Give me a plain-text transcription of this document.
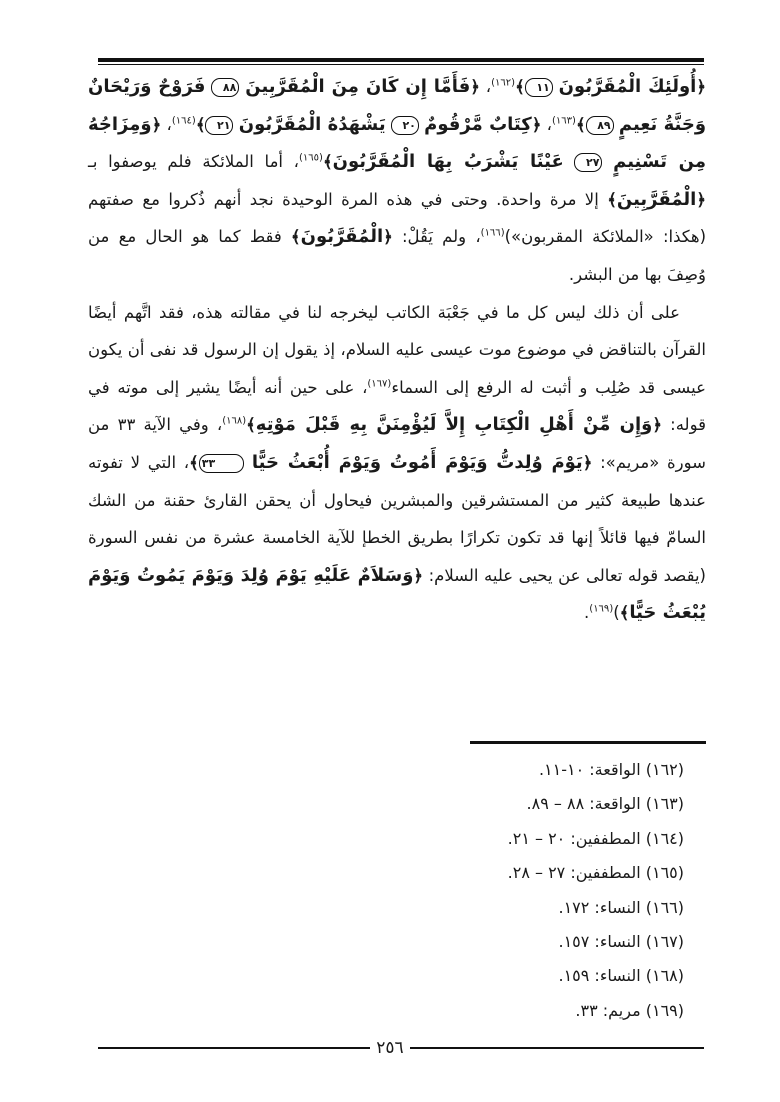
﴿أُولَئِكَ الْمُقَرَّبُونَ ١١﴾$^{(١٦٢)}$، ﴿فَأَمَّا إِن كَانَ مِنَ الْمُقَرَّبِينَ ٨٨ فَرَوْحٌ وَرَيْحَانٌ وَجَنَّةُ نَعِيمٍ ٨٩﴾$^{(١٦٣)}$، ﴿كِتَابٌ مَّرْقُومٌ ٢٠ يَشْهَدُهُ الْمُقَرَّبُونَ ٢١﴾$^{(١٦٤)}$، ﴿وَمِزَاجُهُ مِن تَسْنِيمٍ ٢٧ عَيْنًا يَشْرَبُ بِهَا الْمُقَرَّبُونَ﴾$^{(١٦٥)}$، أما الملائكة فلم يوصفوا بـ ﴿الْمُقَرَّبِينَ﴾ إلا مرة واحدة. وحتى في هذه المرة الوحيدة نجد أنهم ذُكروا مع صفتهم (هكذا: «الملائكة المقربون»)$^{(١٦٦)}$، ولم يَقُلْ: ﴿الْمُقَرَّبُونَ﴾ فقط كما هو الحال مع من وُصِفَ بها من البشر.

على أن ذلك ليس كل ما في جَعْبَة الكاتب ليخرجه لنا في مقالته هذه، فقد اتَّهم أيضًا القرآن بالتناقض في موضوع موت عيسى عليه السلام، إذ يقول إن الرسول قد نفى أن يكون عيسى قد صُلِب و أثبت له الرفع إلى السماء$^{(١٦٧)}$، على حين أنه أيضًا يشير إلى موته في قوله: ﴿وَإِن مِّنْ أَهْلِ الْكِتَابِ إِلاَّ لَيُؤْمِنَنَّ بِهِ قَبْلَ مَوْتِهِ﴾$^{(١٦٨)}$، وفي الآية ٣٣ من سورة «مريم»: ﴿يَوْمَ وُلِدتُّ وَيَوْمَ أَمُوتُ وَيَوْمَ أُبْعَثُ حَيًّا ٣٣﴾، التي لا تفوته عندها طبيعة كثير من المستشرقين والمبشرين فيحاول أن يحقن القارئ حقنة من الشك السامّ فيها قائلاً إنها قد تكون تكرارًا بطريق الخطإ للآية الخامسة عشرة من نفس السورة (يقصد قوله تعالى عن يحيى عليه السلام: ﴿وَسَلاَمٌ عَلَيْهِ يَوْمَ وُلِدَ وَيَوْمَ يَمُوتُ وَيَوْمَ يُبْعَثُ حَيًّا﴾)$^{(١٦٩)}$.

(١٦٢) الواقعة: ١٠-١١.
(١٦٣) الواقعة: ٨٨ – ٨٩.
(١٦٤) المطففين: ٢٠ – ٢١.
(١٦٥) المطففين: ٢٧ – ٢٨.
(١٦٦) النساء: ١٧٢.
(١٦٧) النساء: ١٥٧.
(١٦٨) النساء: ١٥٩.
(١٦٩) مريم: ٣٣.
٢٥٦
